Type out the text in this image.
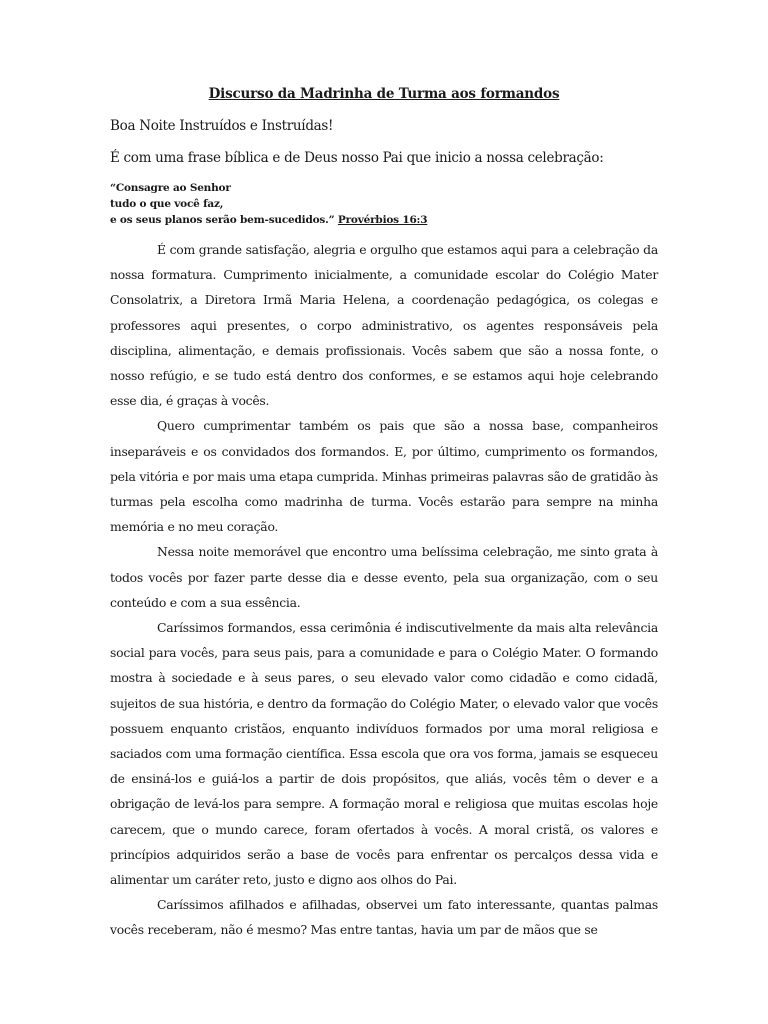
Discurso da Madrinha de Turma aos formandos
Boa Noite Instruídos e Instruídas!
É com uma frase bíblica e de Deus nosso Pai que inicio a nossa celebração:
“Consagre ao Senhor
tudo o que você faz,
e os seus planos serão bem-sucedidos.” Provérbios 16:3

É com grande satisfação, alegria e orgulho que estamos aqui para a celebração da nossa formatura. Cumprimento inicialmente, a comunidade escolar do Colégio Mater Consolatrix, a Diretora Irmã Maria Helena, a coordenação pedagógica, os colegas e professores aqui presentes, o corpo administrativo, os agentes responsáveis pela disciplina, alimentação, e demais profissionais. Vocês sabem que são a nossa fonte, o nosso refúgio, e se tudo está dentro dos conformes, e se estamos aqui hoje celebrando esse dia, é graças à vocês.

Quero cumprimentar também os pais que são a nossa base, companheiros inseparáveis e os convidados dos formandos. E, por último, cumprimento os formandos, pela vitória e por mais uma etapa cumprida. Minhas primeiras palavras são de gratidão às turmas pela escolha como madrinha de turma. Vocês estarão para sempre na minha memória e no meu coração.

Nessa noite memorável que encontro uma belíssima celebração, me sinto grata à todos vocês por fazer parte desse dia e desse evento, pela sua organização, com o seu conteúdo e com a sua essência.

Caríssimos formandos, essa cerimônia é indiscutivelmente da mais alta relevância social para vocês, para seus pais, para a comunidade e para o Colégio Mater. O formando mostra à sociedade e à seus pares, o seu elevado valor como cidadão e como cidadã, sujeitos de sua história, e dentro da formação do Colégio Mater, o elevado valor que vocês possuem enquanto cristãos, enquanto indivíduos formados por uma moral religiosa e saciados com uma formação científica. Essa escola que ora vos forma, jamais se esqueceu de ensiná-los e guiá-los a partir de dois propósitos, que aliás, vocês têm o dever e a obrigação de levá-los para sempre. A formação moral e religiosa que muitas escolas hoje carecem, que o mundo carece, foram ofertados à vocês. A moral cristã, os valores e princípios adquiridos serão a base de vocês para enfrentar os percalços dessa vida e alimentar um caráter reto, justo e digno aos olhos do Pai.

Caríssimos afilhados e afilhadas, observei um fato interessante, quantas palmas vocês receberam, não é mesmo? Mas entre tantas, havia um par de mãos que se
